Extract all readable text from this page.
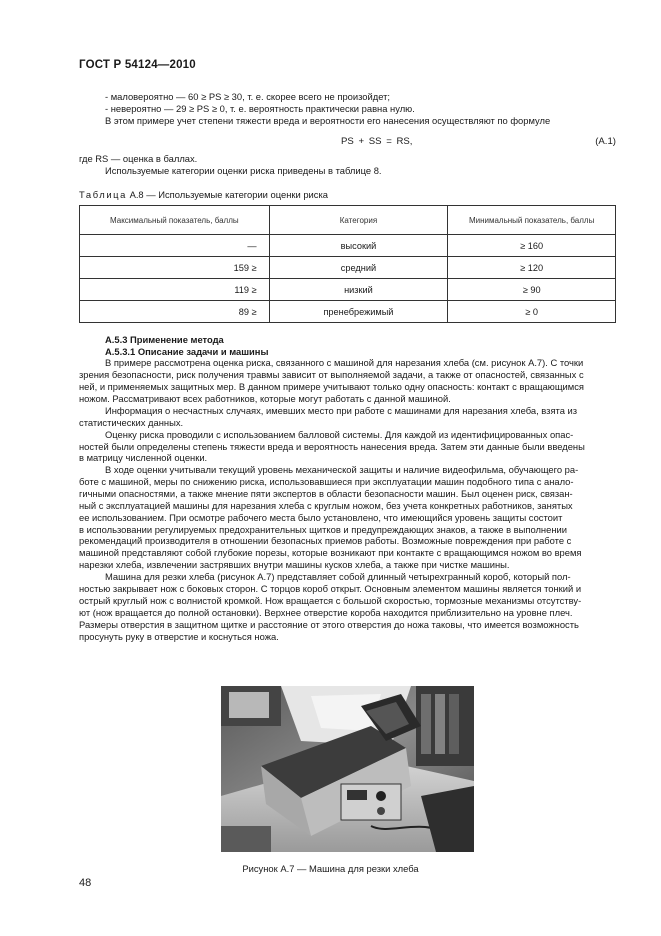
ГОСТ Р 54124—2010
- маловероятно — 60 ≥ PS ≥ 30, т. е. скорее всего не произойдет;
- невероятно — 29 ≥ PS ≥ 0, т. е. вероятность практически равна нулю.
В этом примере учет степени тяжести вреда и вероятности его нанесения осуществляют по формуле
PS + SS = RS,	(A.1)
где RS — оценка в баллах.
Используемые категории оценки риска приведены в таблице 8.
Таблица А.8 — Используемые категории оценки риска
Максимальный показатель, баллы	Категория	Минимальный показатель, баллы
—	высокий	≥ 160
159 ≥	средний	≥ 120
119 ≥	низкий	≥ 90
89 ≥	пренебрежимый	≥ 0
А.5.3 Применение метода
А.5.3.1 Описание задачи и машины
В примере рассмотрена оценка риска, связанного с машиной для нарезания хлеба (см. рисунок А.7). С точки
зрения безопасности, риск получения травмы зависит от выполняемой задачи, а также от опасностей, связанных с
ней, и применяемых защитных мер. В данном примере учитывают только одну опасность: контакт с вращающимся
ножом. Рассматривают всех работников, которые могут работать с данной машиной.
Информация о несчастных случаях, имевших место при работе с машинами для нарезания хлеба, взята из
статистических данных.
Оценку риска проводили с использованием балловой системы. Для каждой из идентифицированных опас-
ностей были определены степень тяжести вреда и вероятность нанесения вреда. Затем эти данные были введены
в матрицу численной оценки.
В ходе оценки учитывали текущий уровень механической защиты и наличие видеофильма, обучающего ра-
боте с машиной, меры по снижению риска, использовавшиеся при эксплуатации машин подобного типа с анало-
гичными опасностями, а также мнение пяти экспертов в области безопасности машин. Был оценен риск, связан-
ный с эксплуатацией машины для нарезания хлеба с круглым ножом, без учета конкретных работников, занятых
ее использованием. При осмотре рабочего места было установлено, что имеющийся уровень защиты состоит
в использовании регулируемых предохранительных щитков и предупреждающих знаков, а также в выполнении
рекомендаций производителя в отношении безопасных приемов работы. Возможные повреждения при работе с
машиной представляют собой глубокие порезы, которые возникают при контакте с вращающимся ножом во время
нарезки хлеба, извлечении застрявших внутри машины кусков хлеба, а также при чистке машины.
Машина для резки хлеба (рисунок А.7) представляет собой длинный четырехгранный короб, который пол-
ностью закрывает нож с боковых сторон. С торцов короб открыт. Основным элементом машины является тонкий и
острый круглый нож с волнистой кромкой. Нож вращается с большой скоростью, тормозные механизмы отсутству-
ют (нож вращается до полной остановки). Верхнее отверстие короба находится приблизительно на уровне плеч.
Размеры отверстия в защитном щитке и расстояние от этого отверстия до ножа таковы, что имеется возможность
просунуть руку в отверстие и коснуться ножа.
Рисунок А.7 — Машина для резки хлеба
48
